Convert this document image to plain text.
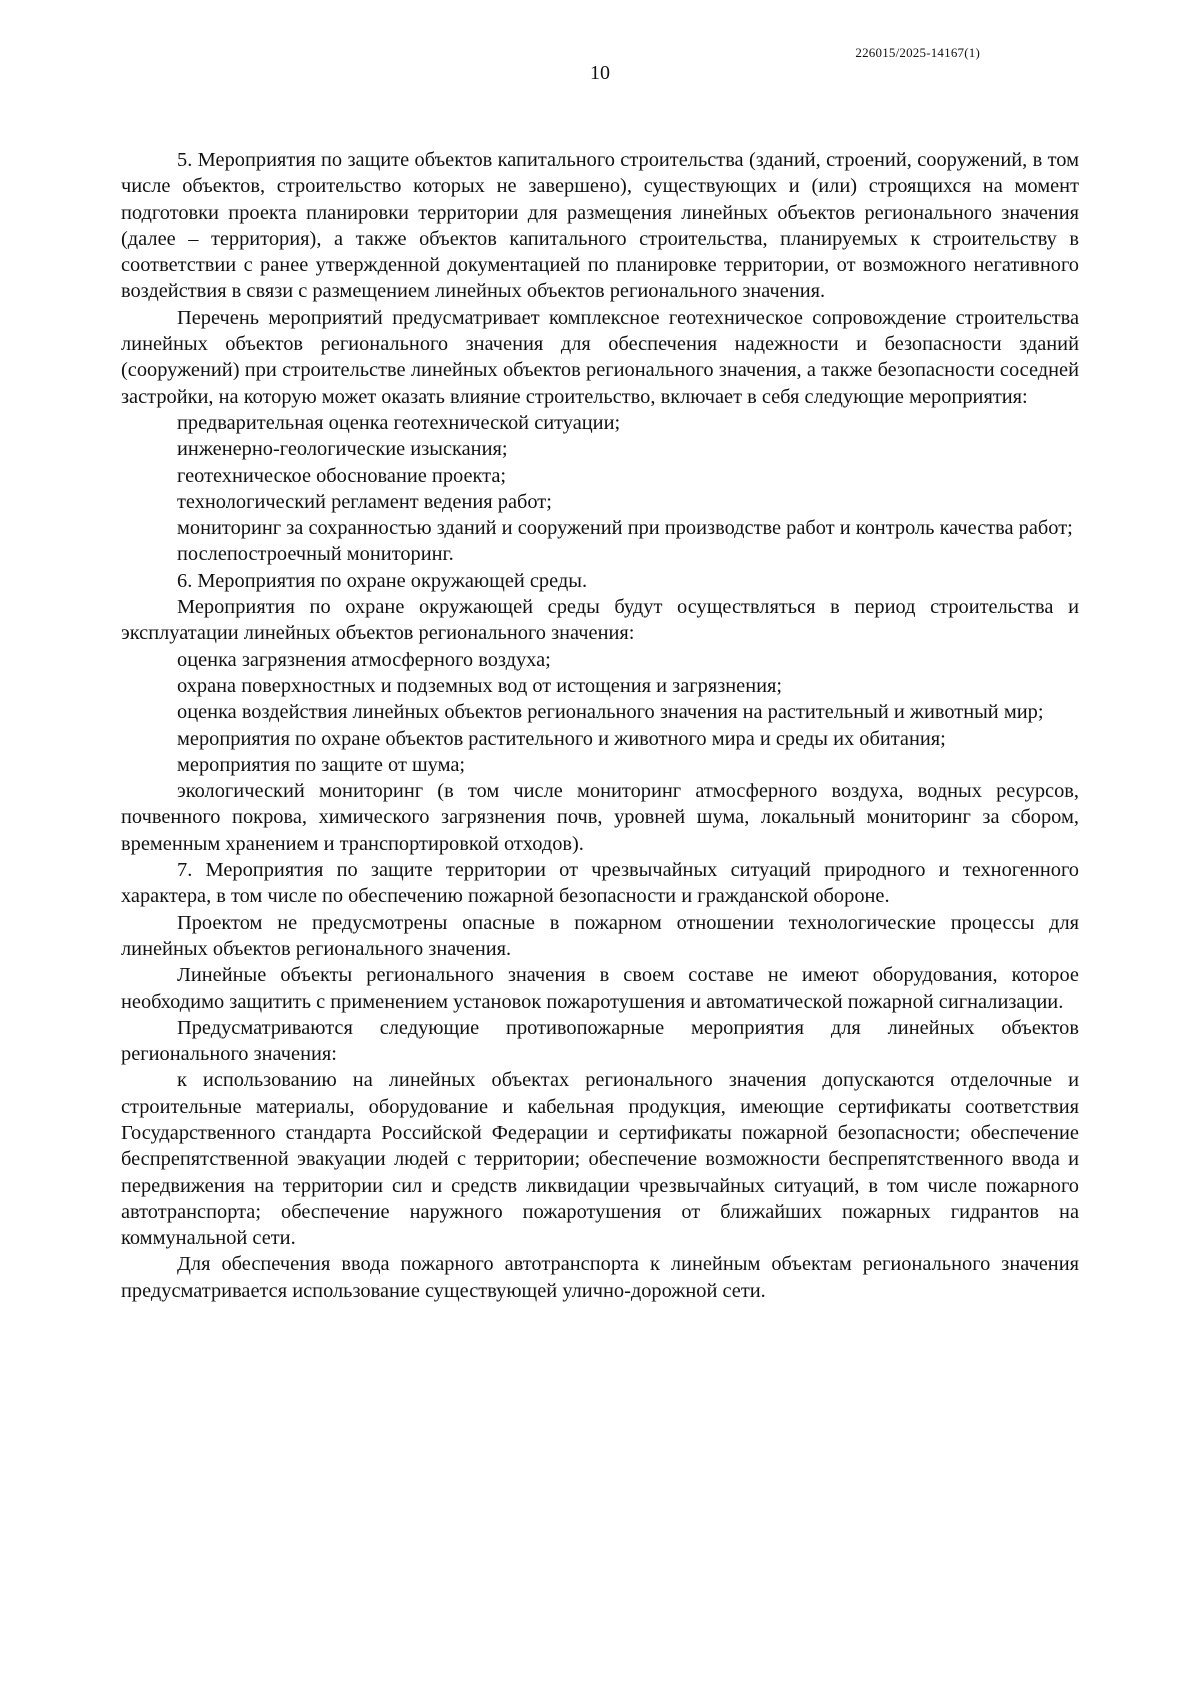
226015/2025-14167(1)
10

5. Мероприятия по защите объектов капитального строительства (зданий, строений, сооружений, в том числе объектов, строительство которых не завершено), существующих и (или) строящихся на момент подготовки проекта планировки территории для размещения линейных объектов регионального значения (далее – территория), а также объектов капитального строительства, планируемых к строительству в соответствии с ранее утвержденной документацией по планировке территории, от возможного негативного воздействия в связи с размещением линейных объектов регионального значения.

Перечень мероприятий предусматривает комплексное геотехническое сопровождение строительства линейных объектов регионального значения для обеспечения надежности и безопасности зданий (сооружений) при строительстве линейных объектов регионального значения, а также безопасности соседней застройки, на которую может оказать влияние строительство, включает в себя следующие мероприятия:

предварительная оценка геотехнической ситуации;

инженерно-геологические изыскания;

геотехническое обоснование проекта;

технологический регламент ведения работ;

мониторинг за сохранностью зданий и сооружений при производстве работ и контроль качества работ;

послепостроечный мониторинг.

6. Мероприятия по охране окружающей среды.

Мероприятия по охране окружающей среды будут осуществляться в период строительства и эксплуатации линейных объектов регионального значения:

оценка загрязнения атмосферного воздуха;

охрана поверхностных и подземных вод от истощения и загрязнения;

оценка воздействия линейных объектов регионального значения на растительный и животный мир;

мероприятия по охране объектов растительного и животного мира и среды их обитания;

мероприятия по защите от шума;

экологический мониторинг (в том числе мониторинг атмосферного воздуха, водных ресурсов, почвенного покрова, химического загрязнения почв, уровней шума, локальный мониторинг за сбором, временным хранением и транспортировкой отходов).

7. Мероприятия по защите территории от чрезвычайных ситуаций природного и техногенного характера, в том числе по обеспечению пожарной безопасности и гражданской обороне.

Проектом не предусмотрены опасные в пожарном отношении технологические процессы для линейных объектов регионального значения.

Линейные объекты регионального значения в своем составе не имеют оборудования, которое необходимо защитить с применением установок пожаротушения и автоматической пожарной сигнализации.

Предусматриваются следующие противопожарные мероприятия для линейных объектов регионального значения:

к использованию на линейных объектах регионального значения допускаются отделочные и строительные материалы, оборудование и кабельная продукция, имеющие сертификаты соответствия Государственного стандарта Российской Федерации и сертификаты пожарной безопасности; обеспечение беспрепятственной эвакуации людей с территории; обеспечение возможности беспрепятственного ввода и передвижения на территории сил и средств ликвидации чрезвычайных ситуаций, в том числе пожарного автотранспорта; обеспечение наружного пожаротушения от ближайших пожарных гидрантов на коммунальной сети.

Для обеспечения ввода пожарного автотранспорта к линейным объектам регионального значения предусматривается использование существующей улично-дорожной сети.
